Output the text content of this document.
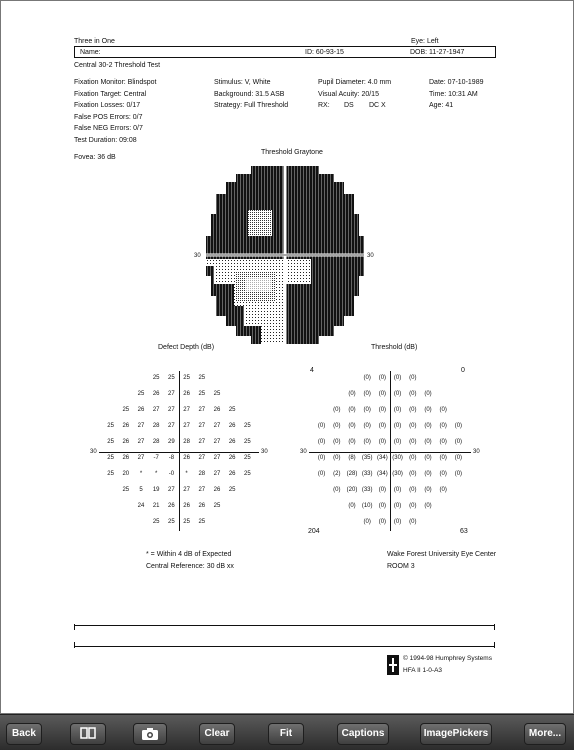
Three in One	Eye: Left
Name:	ID: 60-93-15	DOB: 11-27-1947
Central 30-2 Threshold Test
Fixation Monitor: Blindspot
Fixation Target: Central
Fixation Losses: 0/17
False POS Errors: 0/7
False NEG Errors: 0/7
Test Duration: 09:08
Stimulus: V, White
Background: 31.5 ASB
Strategy: Full Threshold
Pupil Diameter: 4.0 mm
Visual Acuity: 20/15
RX: DS DC X
Date: 07-10-1989
Time: 10:31 AM
Age: 41
Fovea: 36 dB
Threshold Graytone
30	30
Defect Depth (dB)
30	30
25 25 25 25
25 26 27 26 25 25
25 26 27 27 27 27 26 25
25 26 27 28 27 27 27 27 26 25
25 26 27 28 29 28 27 27 26 25
25 26 27 -7 -8 26 27 27 26 25
25 20 * * -0 * 28 27 26 25
25 5 19 27 27 27 26 25
24 21 26 26 26 25
25 25 25 25
Threshold (dB)
4	0
204	63
30	30
(0) (0) (0) (0)
(0) (0) (0) (0) (0) (0)
(0) (0) (0) (0) (0) (0) (0) (0)
(0) (0) (0) (0) (0) (0) (0) (0) (0) (0)
(0) (0) (0) (0) (0) (0) (0) (0) (0) (0)
(0) (0) (8) (35) (34) (30) (0) (0) (0) (0)
(0) (2) (28) (33) (34) (30) (0) (0) (0) (0)
(0) (20) (33) (0) (0) (0) (0) (0)
(0) (10) (0) (0) (0) (0)
(0) (0) (0) (0)
* = Within 4 dB of Expected
Central Reference: 30 dB xx
Wake Forest University Eye Center
ROOM 3
© 1994-98 Humphrey Systems
HFA II 1-0-A3
Back	Clear	Fit	Captions	ImagePickers	More...
